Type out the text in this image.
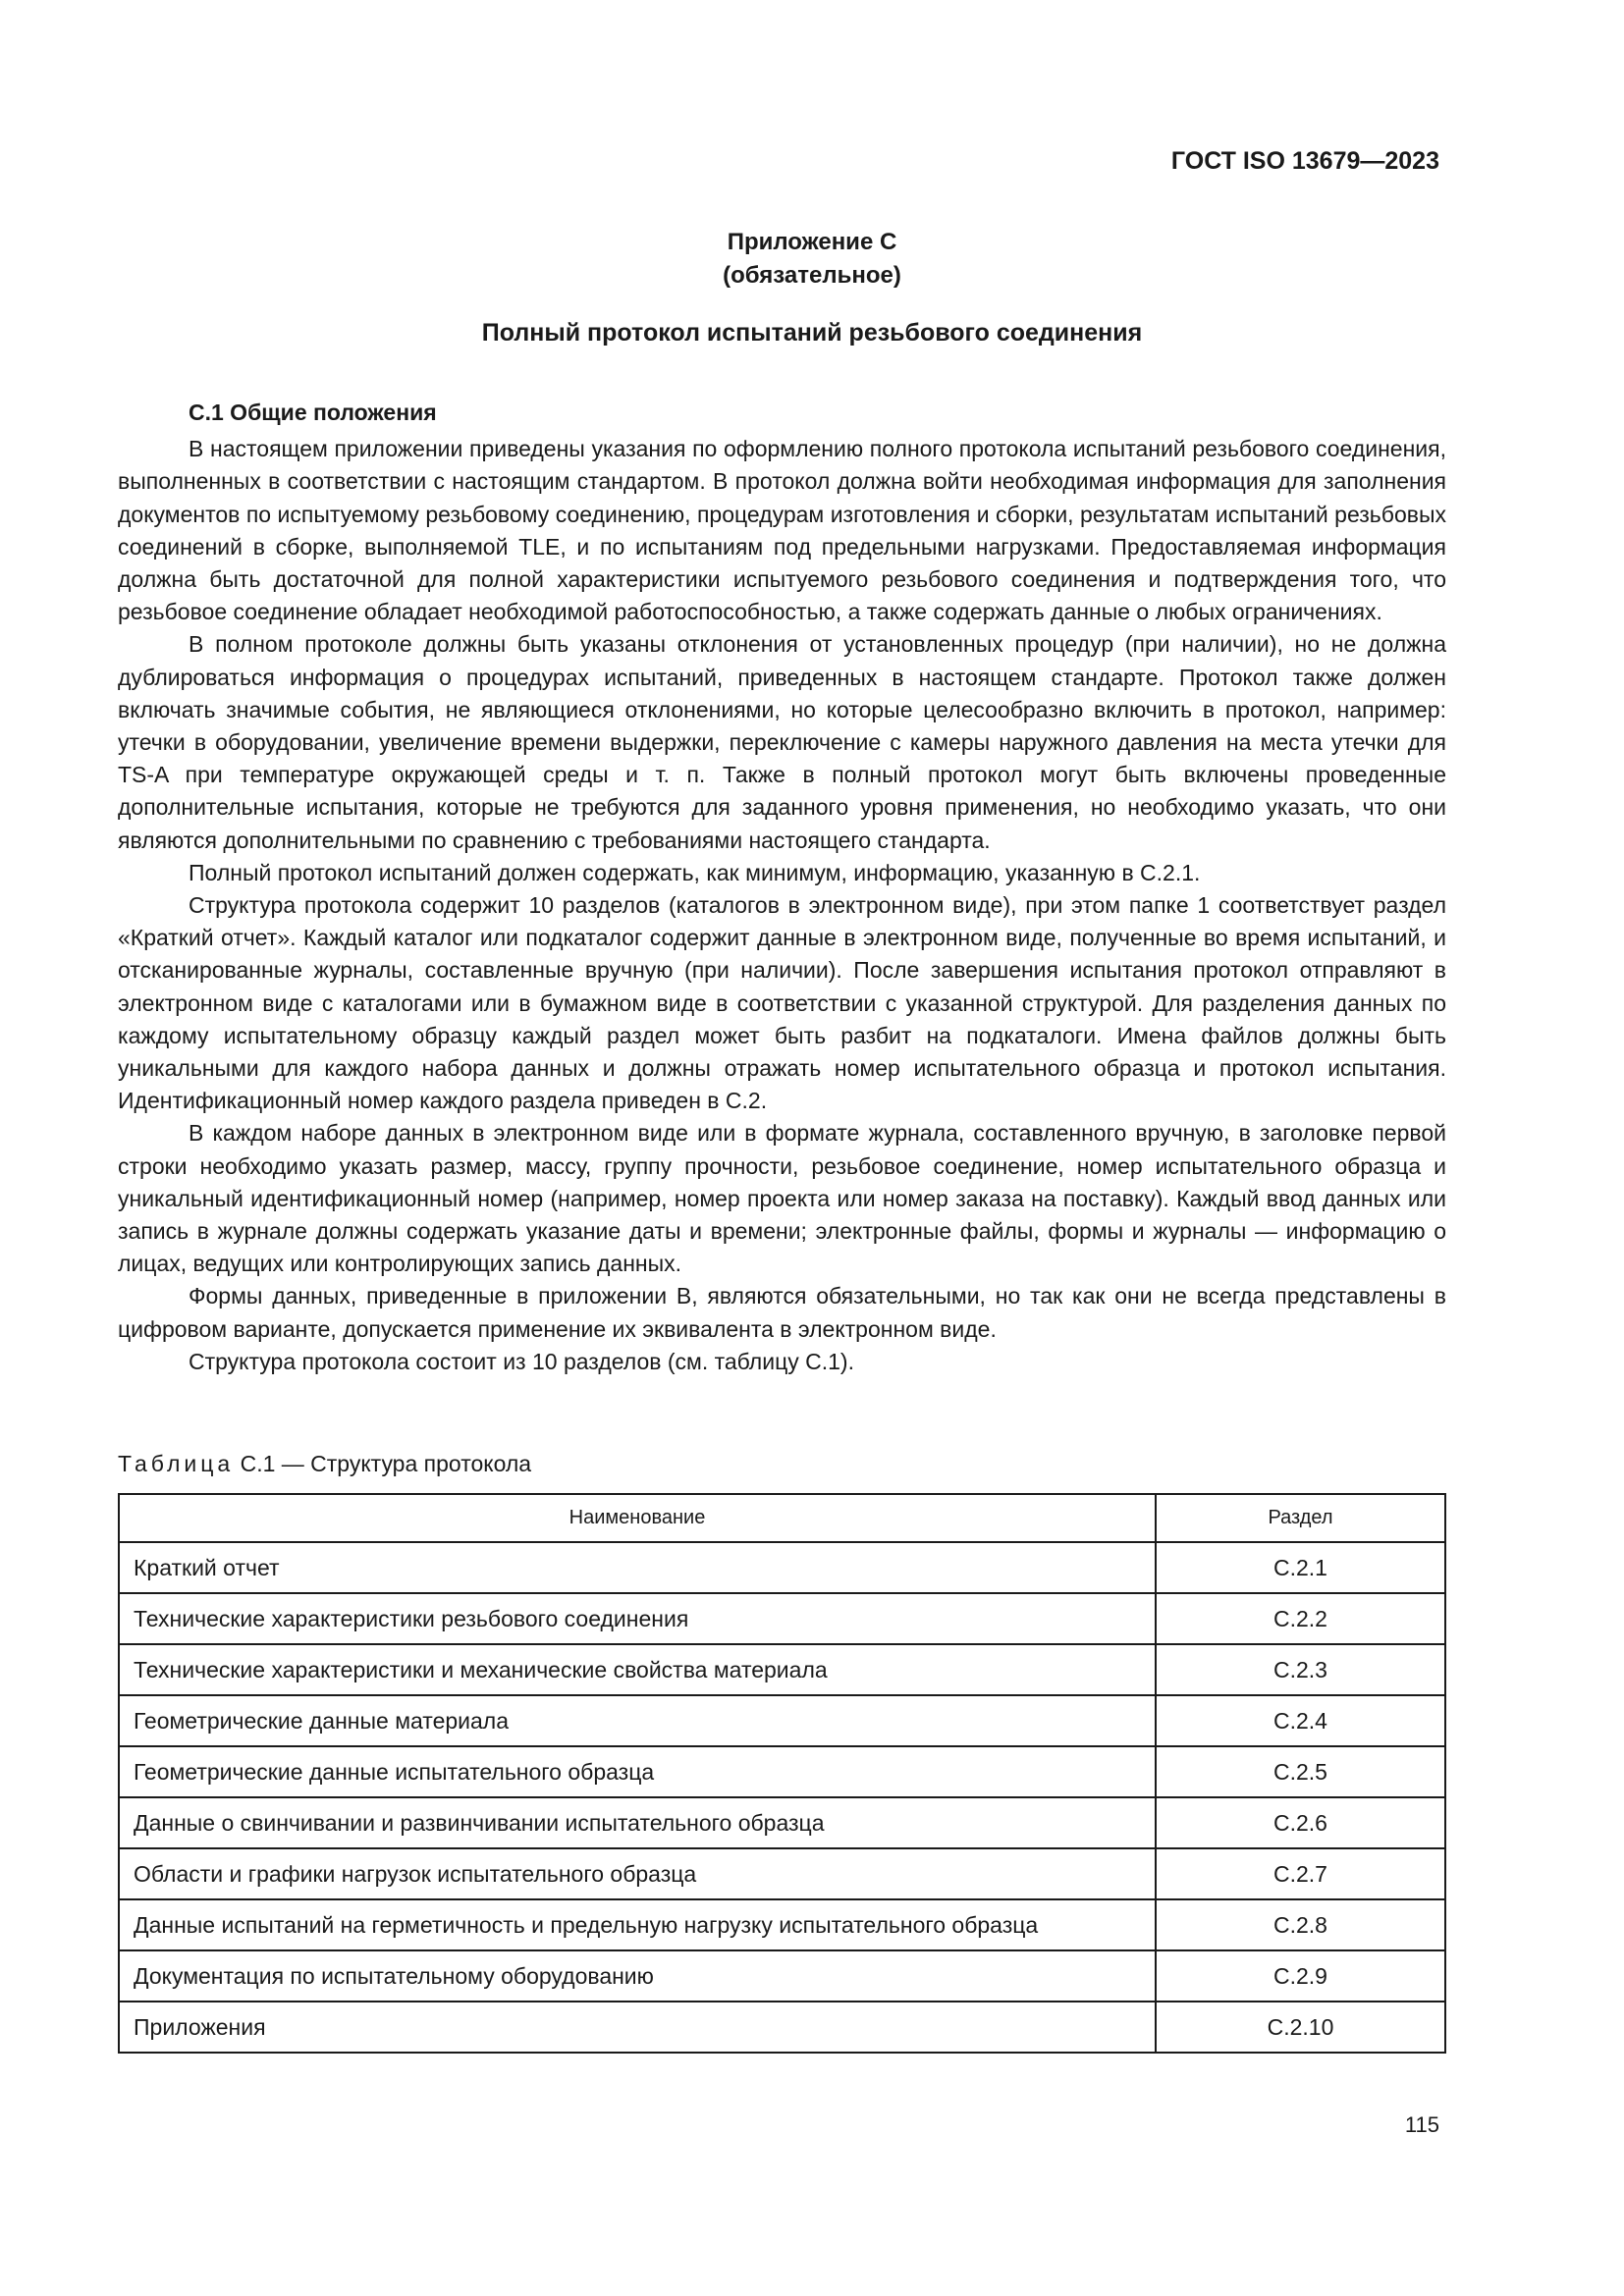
ГОСТ ISO 13679—2023
Приложение С
(обязательное)
Полный протокол испытаний резьбового соединения

С.1 Общие положения

В настоящем приложении приведены указания по оформлению полного протокола испытаний резьбового соединения, выполненных в соответствии с настоящим стандартом. В протокол должна войти необходимая информация для заполнения документов по испытуемому резьбовому соединению, процедурам изготовления и сборки, результатам испытаний резьбовых соединений в сборке, выполняемой TLE, и по испытаниям под предельными нагрузками. Предоставляемая информация должна быть достаточной для полной характеристики испытуемого резьбового соединения и подтверждения того, что резьбовое соединение обладает необходимой работоспособностью, а также содержать данные о любых ограничениях.

В полном протоколе должны быть указаны отклонения от установленных процедур (при наличии), но не должна дублироваться информация о процедурах испытаний, приведенных в настоящем стандарте. Протокол также должен включать значимые события, не являющиеся отклонениями, но которые целесообразно включить в протокол, например: утечки в оборудовании, увеличение времени выдержки, переключение с камеры наружного давления на места утечки для TS-A при температуре окружающей среды и т. п. Также в полный протокол могут быть включены проведенные дополнительные испытания, которые не требуются для заданного уровня применения, но необходимо указать, что они являются дополнительными по сравнению с требованиями настоящего стандарта.

Полный протокол испытаний должен содержать, как минимум, информацию, указанную в С.2.1.

Структура протокола содержит 10 разделов (каталогов в электронном виде), при этом папке 1 соответствует раздел «Краткий отчет». Каждый каталог или подкаталог содержит данные в электронном виде, полученные во время испытаний, и отсканированные журналы, составленные вручную (при наличии). После завершения испытания протокол отправляют в электронном виде с каталогами или в бумажном виде в соответствии с указанной структурой. Для разделения данных по каждому испытательному образцу каждый раздел может быть разбит на подкаталоги. Имена файлов должны быть уникальными для каждого набора данных и должны отражать номер испытательного образца и протокол испытания. Идентификационный номер каждого раздела приведен в С.2.

В каждом наборе данных в электронном виде или в формате журнала, составленного вручную, в заголовке первой строки необходимо указать размер, массу, группу прочности, резьбовое соединение, номер испытательного образца и уникальный идентификационный номер (например, номер проекта или номер заказа на поставку). Каждый ввод данных или запись в журнале должны содержать указание даты и времени; электронные файлы, формы и журналы — информацию о лицах, ведущих или контролирующих запись данных.

Формы данных, приведенные в приложении В, являются обязательными, но так как они не всегда представлены в цифровом варианте, допускается применение их эквивалента в электронном виде.

Структура протокола состоит из 10 разделов (см. таблицу С.1).

Таблица С.1 — Структура протокола
Наименование	Раздел
Краткий отчет	С.2.1
Технические характеристики резьбового соединения	С.2.2
Технические характеристики и механические свойства материала	С.2.3
Геометрические данные материала	С.2.4
Геометрические данные испытательного образца	С.2.5
Данные о свинчивании и развинчивании испытательного образца	С.2.6
Области и графики нагрузок испытательного образца	С.2.7
Данные испытаний на герметичность и предельную нагрузку испытательного образца	С.2.8
Документация по испытательному оборудованию	С.2.9
Приложения	С.2.10
115
